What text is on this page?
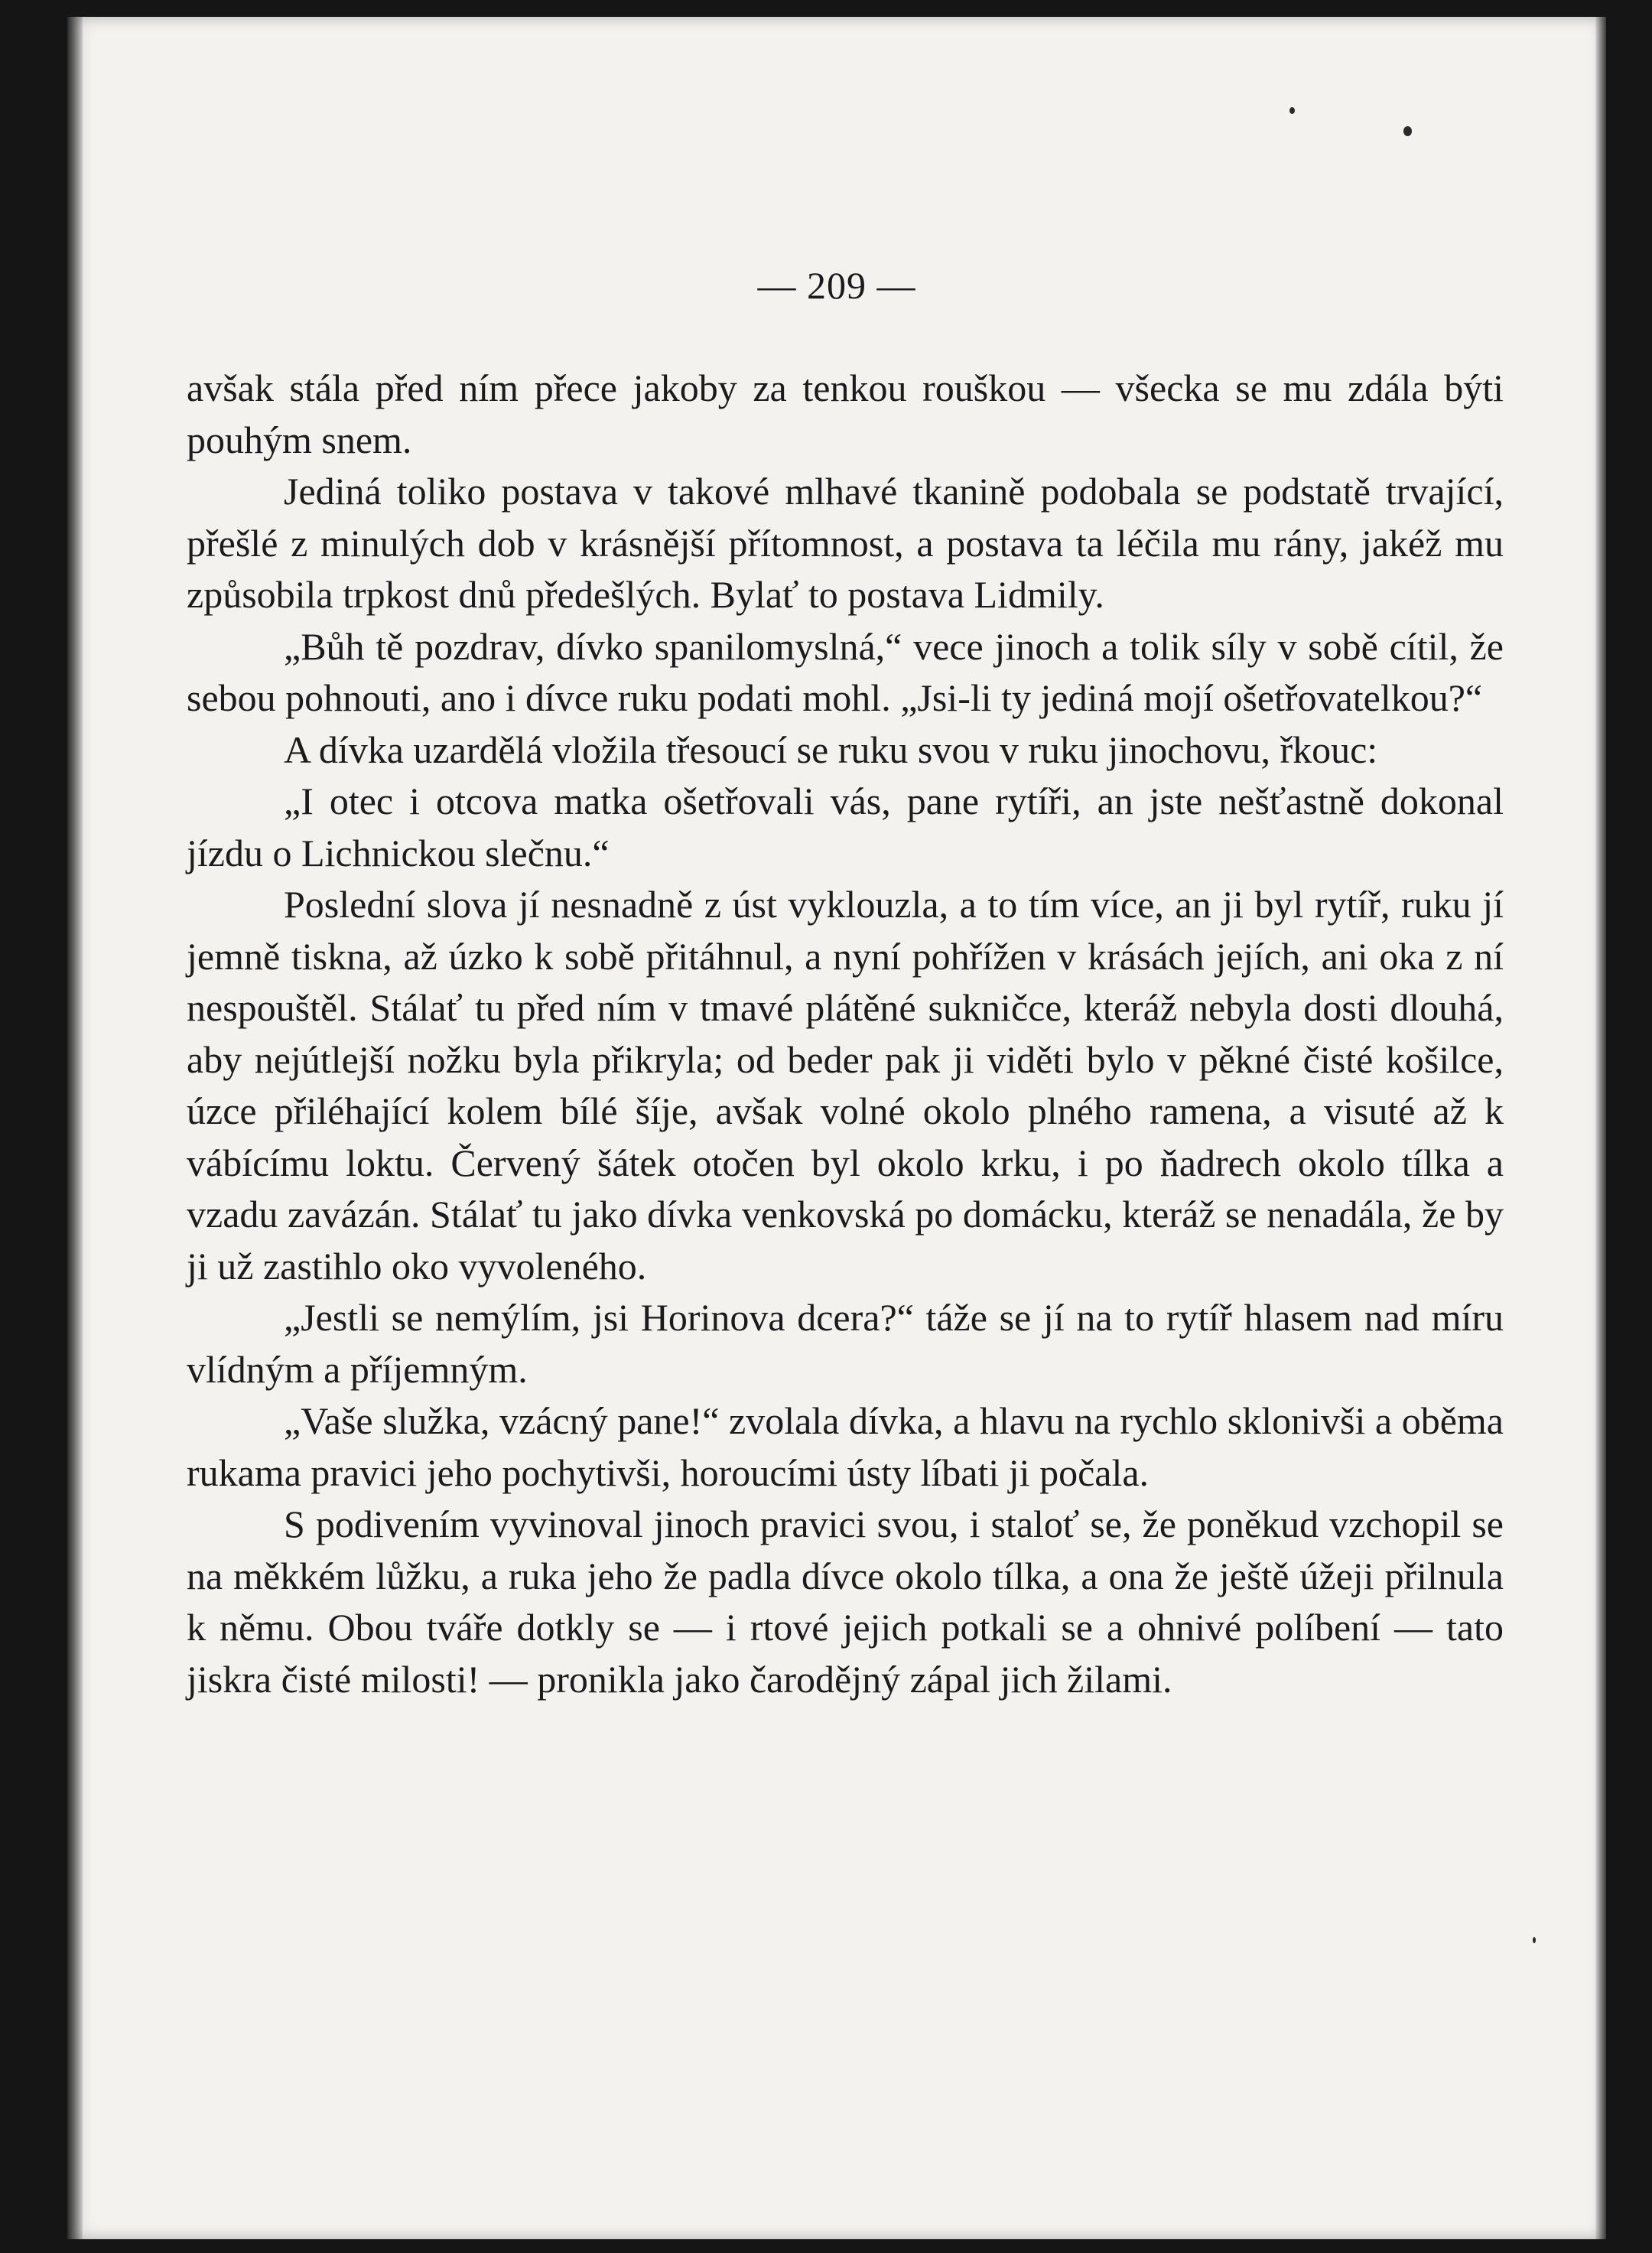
— 209 —

avšak stála před ním přece jakoby za tenkou rouškou — všecka se mu zdála býti pouhým snem.

Jediná toliko postava v takové mlhavé tkanině podobala se podstatě trvající, přešlé z minulých dob v krásnější přítomnost, a postava ta léčila mu rány, jakéž mu způsobila trpkost dnů předešlých. Bylať to postava Lidmily.

„Bůh tě pozdrav, dívko spanilomyslná,“ vece jinoch a tolik síly v sobě cítil, že sebou pohnouti, ano i dívce ruku podati mohl. „Jsi-li ty jediná mojí ošetřovatelkou?“

A dívka uzardělá vložila třesoucí se ruku svou v ruku jinochovu, řkouc:

„I otec i otcova matka ošetřovali vás, pane rytíři, an jste nešťastně dokonal jízdu o Lichnickou slečnu.“

Poslední slova jí nesnadně z úst vyklouzla, a to tím více, an ji byl rytíř, ruku jí jemně tiskna, až úzko k sobě přitáhnul, a nyní pohřížen v krásách jejích, ani oka z ní nespouštěl. Stálať tu před ním v tmavé plátěné sukničce, kteráž nebyla dosti dlouhá, aby nejútlejší nožku byla přikryla; od beder pak ji viděti bylo v pěkné čisté košilce, úzce přiléhající kolem bílé šíje, avšak volné okolo plného ramena, a visuté až k vábícímu loktu. Červený šátek otočen byl okolo krku, i po ňadrech okolo tílka a vzadu zavázán. Stálať tu jako dívka venkovská po domácku, kteráž se nenadála, že by ji už zastihlo oko vyvoleného.

„Jestli se nemýlím, jsi Horinova dcera?“ táže se jí na to rytíř hlasem nad míru vlídným a příjemným.

„Vaše služka, vzácný pane!“ zvolala dívka, a hlavu na rychlo sklonivši a oběma rukama pravici jeho pochytivši, horoucími ústy líbati ji počala.

S podivením vyvinoval jinoch pravici svou, i staloť se, že poněkud vzchopil se na měkkém lůžku, a ruka jeho že padla dívce okolo tílka, a ona že ještě úžeji přilnula k němu. Obou tváře dotkly se — i rtové jejich potkali se a ohnivé políbení — tato jiskra čisté milosti! — pronikla jako čarodějný zápal jich žilami.
